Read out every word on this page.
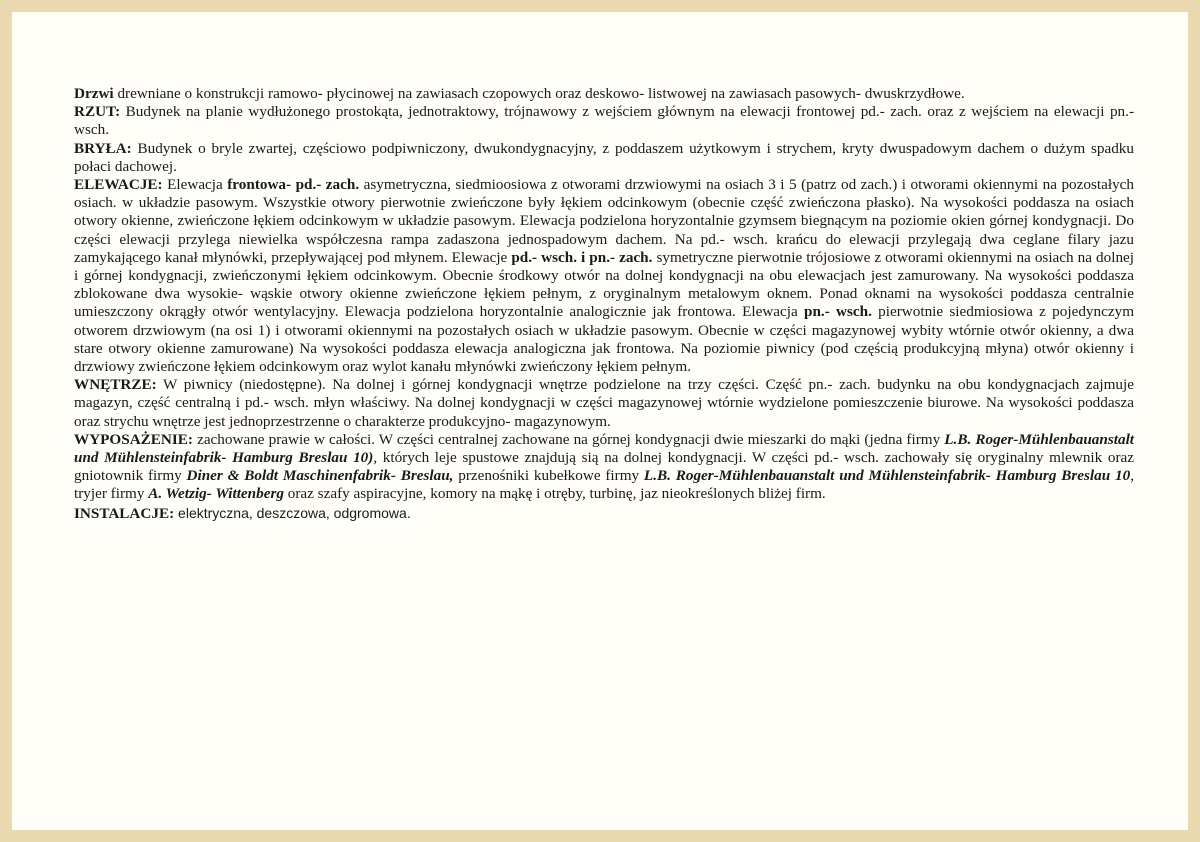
Drzwi drewniane o konstrukcji ramowo- płycinowej na zawiasach czopowych oraz deskowo- listwowej na zawiasach pasowych- dwuskrzydłowe.

RZUT: Budynek na planie wydłużonego prostokąta, jednotraktowy, trójnawowy z wejściem głównym na elewacji frontowej pd.- zach. oraz z wejściem na elewacji pn.- wsch.

BRYŁA: Budynek o bryle zwartej, częściowo podpiwniczony, dwukondygnacyjny, z poddaszem użytkowym i strychem, kryty dwuspadowym dachem o dużym spadku połaci dachowej.

ELEWACJE: Elewacja frontowa- pd.- zach. asymetryczna, siedmioosiowa z otworami drzwiowymi na osiach 3 i 5 (patrz od zach.) i otworami okiennymi na pozostałych osiach. w układzie pasowym. Wszystkie otwory pierwotnie zwieńczone były łękiem odcinkowym (obecnie część zwieńczona płasko). Na wysokości poddasza na osiach otwory okienne, zwieńczone łękiem odcinkowym w układzie pasowym. Elewacja podzielona horyzontalnie gzymsem biegnącym na poziomie okien górnej kondygnacji. Do części elewacji przylega niewielka współczesna rampa zadaszona jednospadowym dachem. Na pd.- wsch. krańcu do elewacji przylegają dwa ceglane filary jazu zamykającego kanał młynówki, przepływającej pod młynem. Elewacje pd.- wsch. i pn.- zach. symetryczne pierwotnie trójosiowe z otworami okiennymi na osiach na dolnej i górnej kondygnacji, zwieńczonymi łękiem odcinkowym. Obecnie środkowy otwór na dolnej kondygnacji na obu elewacjach jest zamurowany. Na wysokości poddasza zblokowane dwa wysokie- wąskie otwory okienne zwieńczone łękiem pełnym, z oryginalnym metalowym oknem. Ponad oknami na wysokości poddasza centralnie umieszczony okrągły otwór wentylacyjny. Elewacja podzielona horyzontalnie analogicznie jak frontowa. Elewacja pn.- wsch. pierwotnie siedmiosiowa z pojedynczym otworem drzwiowym (na osi 1) i otworami okiennymi na pozostałych osiach w układzie pasowym. Obecnie w części magazynowej wybity wtórnie otwór okienny, a dwa stare otwory okienne zamurowane) Na wysokości poddasza elewacja analogiczna jak frontowa. Na poziomie piwnicy (pod częścią produkcyjną młyna) otwór okienny i drzwiowy zwieńczone łękiem odcinkowym oraz wylot kanału młynówki zwieńczony łękiem pełnym.

WNĘTRZE: W piwnicy (niedostępne). Na dolnej i górnej kondygnacji wnętrze podzielone na trzy części. Część pn.- zach. budynku na obu kondygnacjach zajmuje magazyn, część centralną i pd.- wsch. młyn właściwy. Na dolnej kondygnacji w części magazynowej wtórnie wydzielone pomieszczenie biurowe. Na wysokości poddasza oraz strychu wnętrze jest jednoprzestrzenne o charakterze produkcyjno- magazynowym.

WYPOSAŻENIE: zachowane prawie w całości. W części centralnej zachowane na górnej kondygnacji dwie mieszarki do mąki (jedna firmy L.B. Roger-Mühlenbauanstalt und Mühlensteinfabrik- Hamburg Breslau 10), których leje spustowe znajdują sią na dolnej kondygnacji. W części pd.- wsch. zachowały się oryginalny mlewnik oraz gniotownik firmy Diner & Boldt Maschinenfabrik- Breslau, przenośniki kubełkowe firmy L.B. Roger-Mühlenbauanstalt und Mühlensteinfabrik- Hamburg Breslau 10, tryjer firmy A. Wetzig- Wittenberg oraz szafy aspiracyjne, komory na mąkę i otręby, turbinę, jaz nieokreślonych bliżej firm.

INSTALACJE: elektryczna, deszczowa, odgromowa.
